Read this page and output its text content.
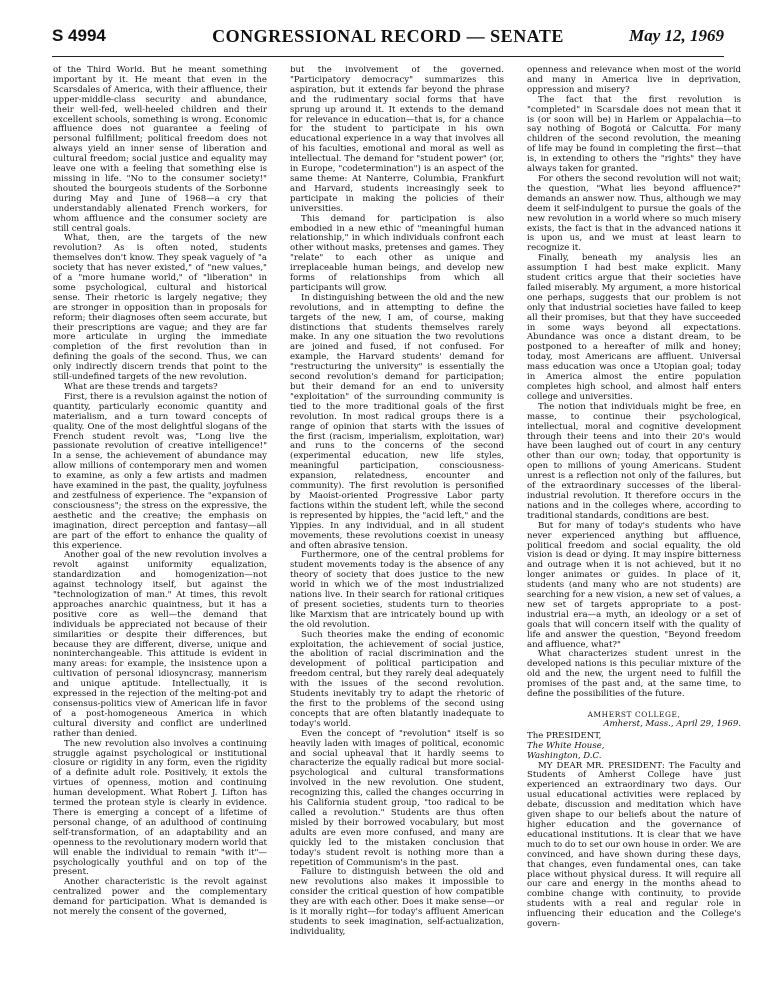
S 4994	CONGRESSIONAL RECORD — SENATE	May 12, 1969

of the Third World. But he meant something important by it. He meant that even in the Scarsdales of America, with their affluence, their upper-middle-class security and abundance, their well-fed, well-heeled children and their excellent schools, something is wrong. Economic affluence does not guarantee a feeling of personal fulfillment; political freedom does not always yield an inner sense of liberation and cultural freedom; social justice and equality may leave one with a feeling that something else is missing in life. "No to the consumer society!" shouted the bourgeois students of the Sorbonne during May and June of 1968—a cry that understandably alienated French workers, for whom affluence and the consumer society are still central goals.

What, then, are the targets of the new revolution? As is often noted, students themselves don't know. They speak vaguely of "a society that has never existed," of "new values," of a "more humane world," of "liberation" in some psychological, cultural and historical sense. Their rhetoric is largely negative; they are stronger in opposition than in proposals for reform; their diagnoses often seem accurate, but their prescriptions are vague; and they are far more articulate in urging the immediate completion of the first revolution than in defining the goals of the second. Thus, we can only indirectly discern trends that point to the still-undefined targets of the new revolution.

What are these trends and targets?

First, there is a revulsion against the notion of quantity, particularly economic quantity and materialism, and a turn toward concepts of quality. One of the most delightful slogans of the French student revolt was, "Long live the passionate revolution of creative intelligence!" In a sense, the achievement of abundance may allow millions of contemporary men and women to examine, as only a few artists and madmen have examined in the past, the quality, joyfulness and zestfulness of experience. The "expansion of consciousness"; the stress on the expressive, the aesthetic and the creative; the emphasis on imagination, direct perception and fantasy—all are part of the effort to enhance the quality of this experience.

Another goal of the new revolution involves a revolt against uniformity equalization, standardization and homogenization—not against technology itself, but against the "technologization of man." At times, this revolt approaches anarchic quaintness, but it has a positive core as well—the demand that individuals be appreciated not because of their similarities or despite their differences, but because they are different, diverse, unique and noninterchangeable. This attitude is evident in many areas: for example, the insistence upon a cultivation of personal idiosyncrasy, mannerism and unique aptitude. Intellectually, it is expressed in the rejection of the melting-pot and consensus-politics view of American life in favor of a post-homogeneous America in which cultural diversity and conflict are underlined rather than denied.

The new revolution also involves a continuing struggle against psychological or institutional closure or rigidity in any form, even the rigidity of a definite adult role. Positively, it extols the virtues of openness, motion and continuing human development. What Robert J. Lifton has termed the protean style is clearly in evidence. There is emerging a concept of a lifetime of personal change, of an adulthood of continuing self-transformation, of an adaptability and an openness to the revolutionary modern world that will enable the individual to remain "with it"—psychologically youthful and on top of the present.

Another characteristic is the revolt against centralized power and the complementary demand for participation. What is demanded is not merely the consent of the governed,

but the involvement of the governed. "Participatory democracy" summarizes this aspiration, but it extends far beyond the phrase and the rudimentary social forms that have sprung up around it. It extends to the demand for relevance in education—that is, for a chance for the student to participate in his own educational experience in a way that involves all of his faculties, emotional and moral as well as intellectual. The demand for "student power" (or, in Europe, "codetermination") is an aspect of the same theme: At Nanterre, Columbia, Frankfurt and Harvard, students increasingly seek to participate in making the policies of their universities.

This demand for participation is also embodied in a new ethic of "meaningful human relationship," in which individuals confront each other without masks, pretenses and games. They "relate" to each other as unique and irreplaceable human beings, and develop new forms of relationships from which all participants will grow.

In distinguishing between the old and the new revolutions, and in attempting to define the targets of the new, I am, of course, making distinctions that students themselves rarely make. In any one situation the two revolutions are joined and fused, if not confused. For example, the Harvard students' demand for "restructuring the university" is essentially the second revolution's demand for participation; but their demand for an end to university "exploitation" of the surrounding community is tied to the more traditional goals of the first revolution. In most radical groups there is a range of opinion that starts with the issues of the first (racism, imperialism, exploitation, war) and runs to the concerns of the second (experimental education, new life styles, meaningful participation, consciousness-expansion, relatedness, encounter and community). The first revolution is personified by Maoist-oriented Progressive Labor party factions within the student left, while the second is represented by hippies, the "acid left," and the Yippies. In any individual, and in all student movements, these revolutions coexist in uneasy and often abrasive tension.

Furthermore, one of the central problems for student movements today is the absence of any theory of society that does justice to the new world in which we of the most industrialized nations live. In their search for rational critiques of present societies, students turn to theories like Marxism that are intricately bound up with the old revolution.

Such theories make the ending of economic exploitation, the achievement of social justice, the abolition of racial discrimination and the development of political participation and freedom central, but they rarely deal adequately with the issues of the second revolution. Students inevitably try to adapt the rhetoric of the first to the problems of the second using concepts that are often blatantly inadequate to today's world.

Even the concept of "revolution" itself is so heavily laden with images of political, economic and social upheaval that it hardly seems to characterize the equally radical but more social-psychological and cultural transformations involved in the new revolution. One student, recognizing this, called the changes occurring in his California student group, "too radical to be called a revolution." Students are thus often misled by their borrowed vocabulary, but most adults are even more confused, and many are quickly led to the mistaken conclusion that today's student revolt is nothing more than a repetition of Communism's in the past.

Failure to distinguish between the old and new revolutions also makes it impossible to consider the critical question of how compatible they are with each other. Does it make sense—or is it morally right—for today's affluent American students to seek imagination, self-actualization, individuality,

openness and relevance when most of the world and many in America live in deprivation, oppression and misery?

The fact that the first revolution is "completed" in Scarsdale does not mean that it is (or soon will be) in Harlem or Appalachia—to say nothing of Bogotá or Calcutta. For many children of the second revolution, the meaning of life may be found in completing the first—that is, in extending to others the "rights" they have always taken for granted.

For others the second revolution will not wait; the question, "What lies beyond affluence?" demands an answer now. Thus, although we may deem it self-indulgent to pursue the goals of the new revolution in a world where so much misery exists, the fact is that in the advanced nations it is upon us, and we must at least learn to recognize it.

Finally, beneath my analysis lies an assumption I had best make explicit. Many student critics argue that their societies have failed miserably. My argument, a more historical one perhaps, suggests that our problem is not only that industrial societies have failed to keep all their promises, but that they have succeeded in some ways beyond all expectations. Abundance was once a distant dream, to be postponed to a hereafter of milk and honey; today, most Americans are affluent. Universal mass education was once a Utopian goal; today in America almost the entire population completes high school, and almost half enters college and universities.

The notion that individuals might be free, en masse, to continue their psychological, intellectual, moral and cognitive development through their teens and into their 20's would have been laughed out of court in any century other than our own; today, that opportunity is open to millions of young Americans. Student unrest is a reflection not only of the failures, but of the extraordinary successes of the liberal-industrial revolution. It therefore occurs in the nations and in the colleges where, according to traditional standards, conditions are best.

But for many of today's students who have never experienced anything but affluence, political freedom and social equality, the old vision is dead or dying. It may inspire bitterness and outrage when it is not achieved, but it no longer animates or guides. In place of it, students (and many who are not students) are searching for a new vision, a new set of values, a new set of targets appropriate to a post-industrial era—a myth, an ideology or a set of goals that will concern itself with the quality of life and answer the question, "Beyond freedom and affluence, what?"

What characterizes student unrest in the developed nations is this peculiar mixture of the old and the new, the urgent need to fulfill the promises of the past and, at the same time, to define the possibilities of the future.

AMHERST COLLEGE,

Amherst, Mass., April 29, 1969.

The PRESIDENT,

The White House,

Washington, D.C.

MY DEAR MR. PRESIDENT: The Faculty and Students of Amherst College have just experienced an extraordinary two days. Our usual educational activities were replaced by debate, discussion and meditation which have given shape to our beliefs about the nature of higher education and the governance of educational institutions. It is clear that we have much to do to set our own house in order. We are convinced, and have shown during these days, that changes, even fundamental ones, can take place without physical duress. It will require all our care and energy in the months ahead to combine change with continuity, to provide students with a real and regular role in influencing their education and the College's govern-
